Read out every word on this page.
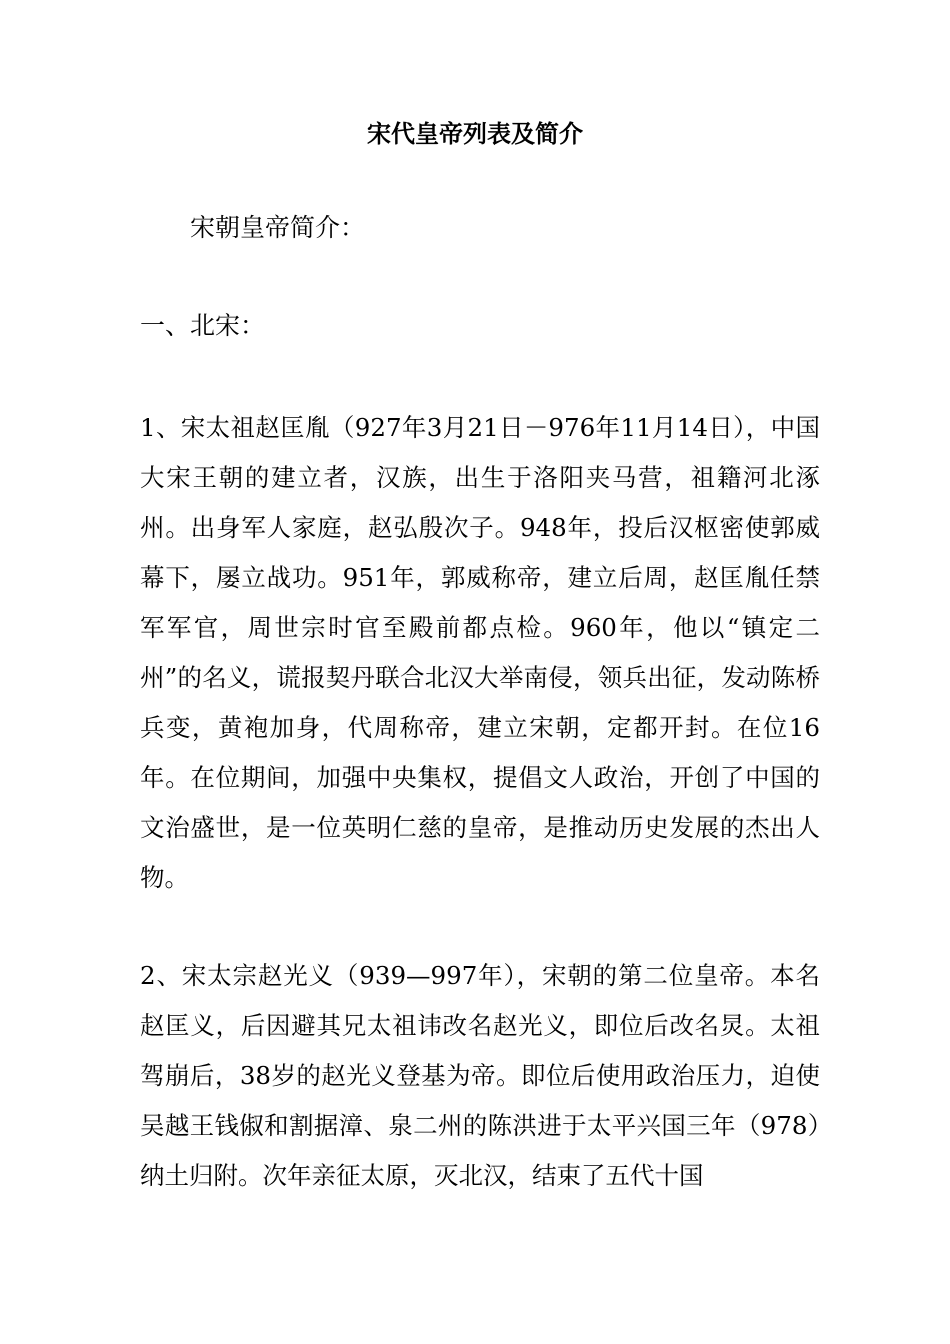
宋代皇帝列表及简介

宋朝皇帝简介：

一、北宋：

1、宋太祖赵匡胤（927年3月21日－976年11月14日），中国大宋王朝的建立者，汉族，出生于洛阳夹马营，祖籍河北涿州。出身军人家庭，赵弘殷次子。948年，投后汉枢密使郭威幕下，屡立战功。951年，郭威称帝，建立后周，赵匡胤任禁军军官，周世宗时官至殿前都点检。960年，他以“镇定二州”的名义，谎报契丹联合北汉大举南侵，领兵出征，发动陈桥兵变，黄袍加身，代周称帝，建立宋朝，定都开封。在位16年。在位期间，加强中央集权，提倡文人政治，开创了中国的文治盛世，是一位英明仁慈的皇帝，是推动历史发展的杰出人物。

2、宋太宗赵光义（939—997年），宋朝的第二位皇帝。本名赵匡义，后因避其兄太祖讳改名赵光义，即位后改名炅。太祖驾崩后，38岁的赵光义登基为帝。即位后使用政治压力，迫使吴越王钱俶和割据漳、泉二州的陈洪进于太平兴国三年（978）纳土归附。次年亲征太原，灭北汉，结束了五代十国
